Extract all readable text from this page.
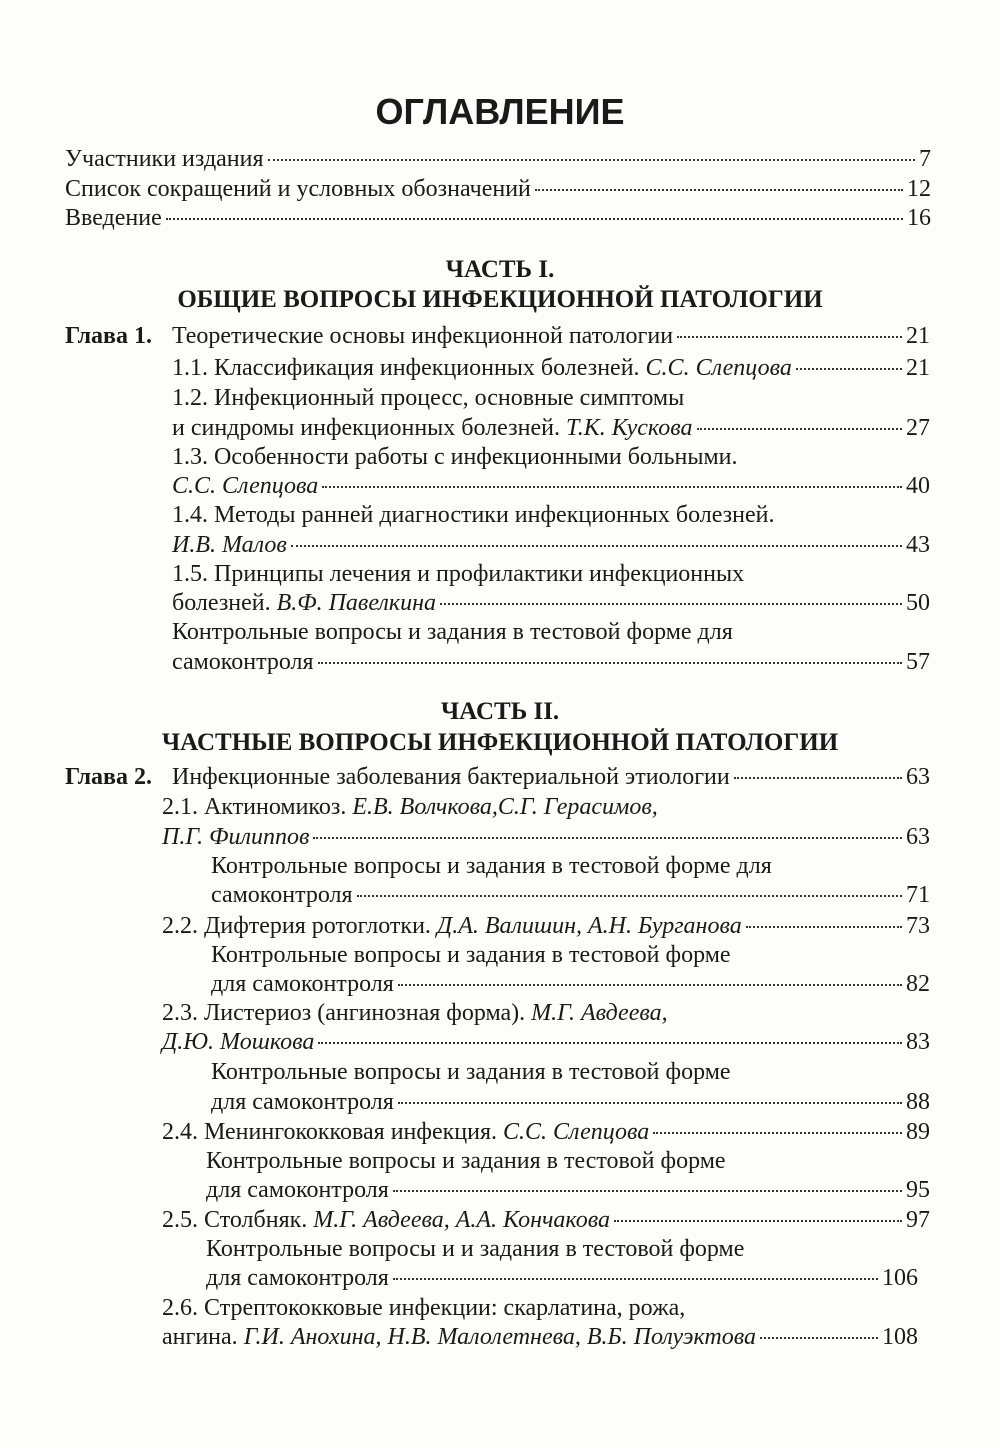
ОГЛАВЛЕНИЕ
Участники издания	7
Список сокращений и условных обозначений	12
Введение	16
ЧАСТЬ I.
ОБЩИЕ ВОПРОСЫ ИНФЕКЦИОННОЙ ПАТОЛОГИИ
Глава 1. Теоретические основы инфекционной патологии	21
1.1. Классификация инфекционных болезней. С.С. Слепцова	21
1.2. Инфекционный процесс, основные симптомы
и синдромы инфекционных болезней. Т.К. Кускова	27
1.3. Особенности работы с инфекционными больными.
С.С. Слепцова	40
1.4. Методы ранней диагностики инфекционных болезней.
И.В. Малов	43
1.5. Принципы лечения и профилактики инфекционных
болезней. В.Ф. Павелкина	50
Контрольные вопросы и задания в тестовой форме для
самоконтроля	57
ЧАСТЬ II.
ЧАСТНЫЕ ВОПРОСЫ ИНФЕКЦИОННОЙ ПАТОЛОГИИ
Глава 2. Инфекционные заболевания бактериальной этиологии	63
2.1. Актиномикоз. Е.В. Волчкова,С.Г. Герасимов,
П.Г. Филиппов	63
Контрольные вопросы и задания в тестовой форме для
самоконтроля	71
2.2. Дифтерия ротоглотки. Д.А. Валишин, А.Н. Бурганова	73
Контрольные вопросы и задания в тестовой форме
для самоконтроля	82
2.3. Листериоз (ангинозная форма). М.Г. Авдеева,
Д.Ю. Мошкова	83
Контрольные вопросы и задания в тестовой форме
для самоконтроля	88
2.4. Менингококковая инфекция. С.С. Слепцова	89
Контрольные вопросы и задания в тестовой форме
для самоконтроля	95
2.5. Столбняк. М.Г. Авдеева, А.А. Кончакова	97
Контрольные вопросы и и задания в тестовой форме
для самоконтроля	106
2.6. Стрептококковые инфекции: скарлатина, рожа,
ангина. Г.И. Анохина, Н.В. Малолетнева, В.Б. Полуэктова	108
